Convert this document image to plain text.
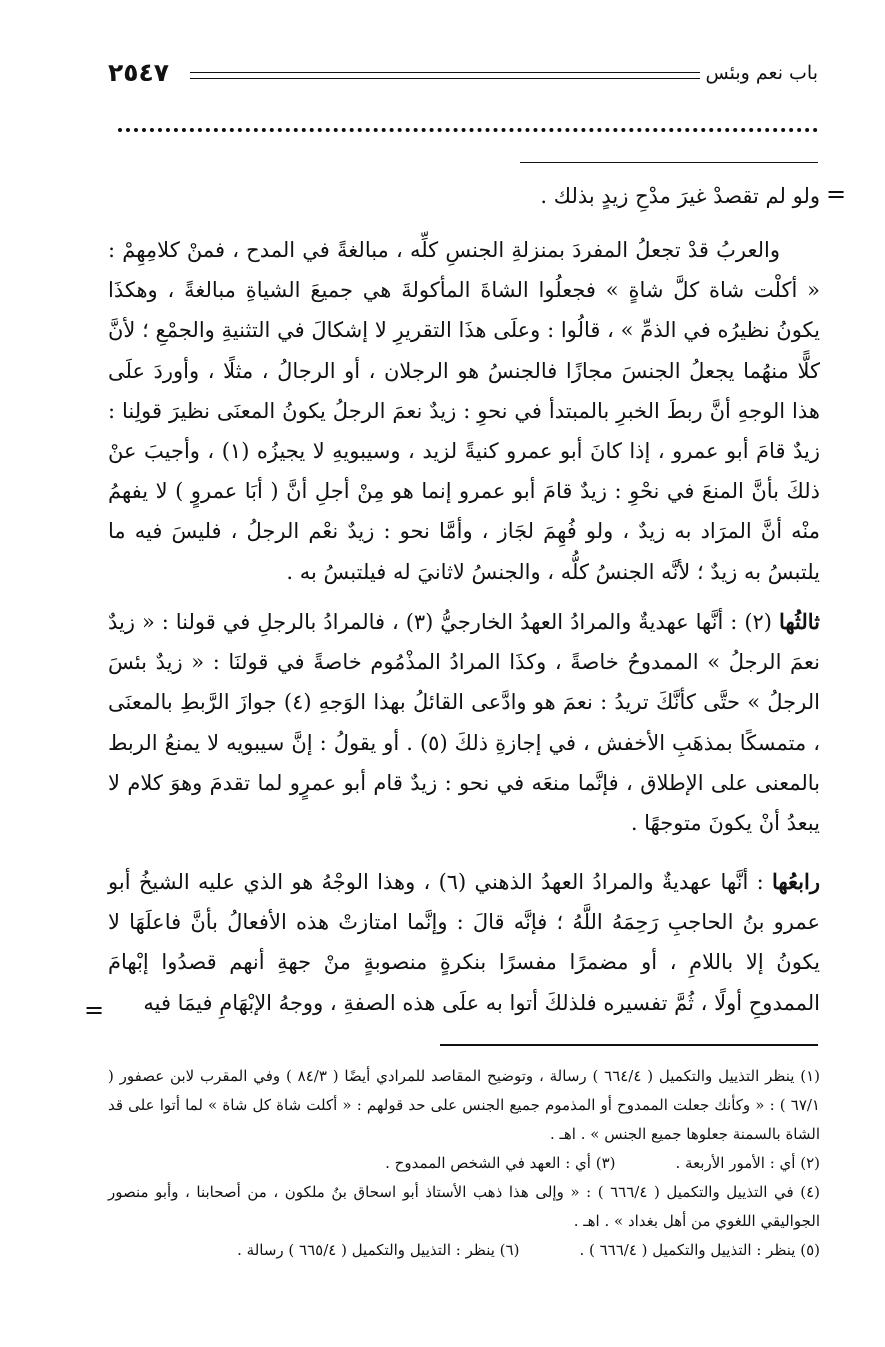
٢٥٤٧	باب نعم وبئس
=
=

ولو لم تقصدْ غيرَ مدْحِ زيدٍ بذلك .

والعربُ قدْ تجعلُ المفردَ بمنزلةِ الجنسِ كلِّه ، مبالغةً في المدح ، فمنْ كلامِهِمْ : « أكلْت شاة كلَّ شاةٍ » فجعلُوا الشاةَ المأكولةَ هي جميعَ الشياةِ مبالغةً ، وهكذَا يكونُ نظيرُه في الذمِّ » ، قالُوا : وعلَى هذَا التقريرِ لا إشكالَ في التثنيةِ والجمْعِ ؛ لأنَّ كلًّا منهُما يجعلُ الجنسَ مجازًا فالجنسُ هو الرجلان ، أو الرجالُ ، مثلًا ، وأوردَ علَى هذا الوجهِ أنَّ ربطَ الخبرِ بالمبتدأ في نحوِ : زيدٌ نعمَ الرجلُ يكونُ المعنَى نظيرَ قولِنا : زيدٌ قامَ أبو عمرو ، إذا كانَ أبو عمرو كنيةً لزيد ، وسيبويهِ لا يجيزُه (١) ، وأجيبَ عنْ ذلكَ بأنَّ المنعَ في نحْوِ : زيدٌ قامَ أبو عمرو إنما هو مِنْ أجلِ أنَّ ( أبَا عمروٍ ) لا يفهمُ منْه أنَّ المرَاد به زيدٌ ، ولو فُهِمَ لجَاز ، وأمَّا نحو : زيدٌ نعْم الرجلُ ، فليسَ فيه ما يلتبسُ به زيدٌ ؛ لأنَّه الجنسُ كلُّه ، والجنسُ لاثانيَ له فيلتبسُ به .

ثالثُها (٢) : أنَّها عهديةٌ والمرادُ العهدُ الخارجيُّ (٣) ، فالمرادُ بالرجلِ في قولنا : « زيدٌ نعمَ الرجلُ » الممدوحُ خاصةً ، وكذَا المرادُ المذْمُوم خاصةً في قولنَا : « زيدٌ بئسَ الرجلُ » حتَّى كأنَّكَ تريدُ : نعمَ هو وادَّعى القائلُ بهذا الوَجهِ (٤) جوازَ الرَّبطِ بالمعنَى ، متمسكًا بمذهَبِ الأخفش ، في إجازةِ ذلكَ (٥) . أو يقولُ : إنَّ سيبويه لا يمنعُ الربط بالمعنى على الإطلاق ، فإنَّما منعَه في نحو : زيدٌ قام أبو عمرٍو لما تقدمَ وهوَ كلام لا يبعدُ أنْ يكونَ متوجهًا .

رابعُها : أنَّها عهديةٌ والمرادُ العهدُ الذهني (٦) ، وهذا الوجْهُ هو الذي عليه الشيخُ أبو عمرو بنُ الحاجبِ رَحِمَهُ اللَّهُ ؛ فإنَّه قالَ : وإنَّما امتازتْ هذه الأفعالُ بأنَّ فاعلَهَا لا يكونُ إلا باللامِ ، أو مضمرًا مفسرًا بنكرةٍ منصوبةٍ منْ جهةِ أنهم قصدُوا إبْهامَ الممدوحِ أولًا ، ثُمَّ تفسيره فلذلكَ أتوا به علَى هذه الصفةِ ، ووجهُ الإبْهَامِ فيمَا فيه

(١) ينظر التذييل والتكميل ( ٦٦٤/٤ ) رسالة ، وتوضيح المقاصد للمرادي أيضًا ( ٨٤/٣ ) وفي المقرب لابن عصفور ( ٦٧/١ ) : « وكأنك جعلت الممدوح أو المذموم جميع الجنس على حد قولهم : « أكلت شاة كل شاة » لما أتوا على قد الشاة بالسمنة جعلوها جميع الجنس » . اهـ .

(٢) أي : الأمور الأربعة .
(٣) أي : العهد في الشخص الممدوح .

(٤) في التذييل والتكميل ( ٦٦٦/٤ ) : « وإلى هذا ذهب الأستاذ أبو اسحاق بنُ ملكون ، من أصحابنا ، وأبو منصور الجواليقي اللغوي من أهل بغداد » . اهـ .

(٥) ينظر : التذييل والتكميل ( ٦٦٦/٤ ) .
(٦) ينظر : التذييل والتكميل ( ٦٦٥/٤ ) رسالة .
